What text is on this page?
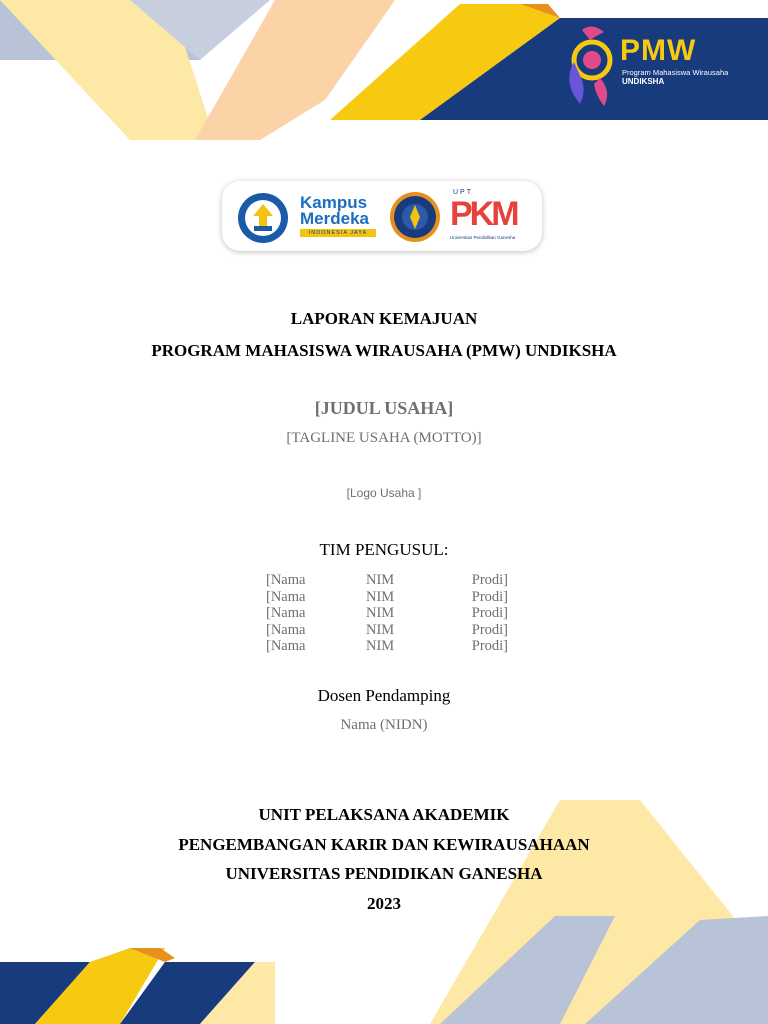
PMW
Program Mahasiswa Wirausaha
UNDIKSHA
Kampus
Merdeka
INDONESIA JAYA
UPT
PKM
Universitas Pendidikan Ganesha
LAPORAN KEMAJUAN
PROGRAM MAHASISWA WIRAUSAHA (PMW) UNDIKSHA
[JUDUL USAHA]
[TAGLINE USAHA (MOTTO)]
[Logo Usaha ]
TIM PENGUSUL:
[Nama	NIM	Prodi]
[Nama	NIM	Prodi]
[Nama	NIM	Prodi]
[Nama	NIM	Prodi]
[Nama	NIM	Prodi]
Dosen Pendamping
Nama (NIDN)
UNIT PELAKSANA AKADEMIK
PENGEMBANGAN KARIR DAN KEWIRAUSAHAAN
UNIVERSITAS PENDIDIKAN GANESHA
2023
